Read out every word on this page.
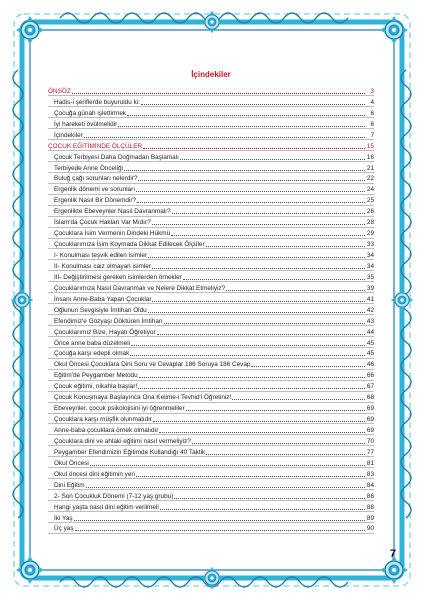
İçindekiler
ÖNSÖZ	3
Hadis-i şeriflerde buyuruldu ki:	4
Çocuğa günah işlettirmek	6
İyi hareketi övülmelidir	6
İçindekiler	7
ÇOCUK EĞİTİMİNDE ÖLÇÜLER	15
Çocuk Terbiyesi Daha Doğmadan Başlamalı	16
Terbiyede Anne Önceliği	21
Buluğ çağı sorunları nelerdir?	22
Ergenlik dönemi ve sorunları	24
Ergenlik Nasıl Bir Dönemdir?	25
Ergenlikte Ebeveynler Nasıl Davranmalı?	26
İslam'da Çocuk Hakları Var Mıdır?	28
Çocuklara İsim Vermenin Dindeki Hükmü	29
Çocuklarımıza İsim Koymada Dikkat Edilecek Ölçüler	33
I- Konulması teşvik edilen isimler	34
II- Konulması caiz olmayan isimler	34
III- Değiştirilmesi gereken isimlerden örnekler	35
Çocuklarımıza Nasıl Davranmalı ve Nelere Dikkat Etmeliyiz?	39
İnsanı Anne-Baba Yapan Çocuklar	41
Oğlunun Sevgisiyle İmtihan Oldu	42
Efendimiz'e Gözyaşı Döktüren İmtihan	43
Çocuklarımız Bize, Hayatı Öğretiyor	44
Önce anne baba düzelmeli	45
Çocuğa karşı edepli olmak	45
Okul Öncesi Çocuklara Dini Soru ve Cevaplar 186 Soruya 186 Cevap	46
Eğitim'de Peygamber Metodu	66
Çocuk eğitimi, nikahla başlar!	67
Çocuk Konuşmaya Başlayınca Ona Kelime-i Tevhid'i Öğretiniz!	68
Ebeveynler, çocuk psikolojisini iyi öğrenmeliler	69
Çocuklara karşı müşfik olunmalıdır	69
Anne-baba çocuklara örnek olmalıdır	69
Çocuklara dini ve ahlaki eğitimi nasıl vermeliyiz?	70
Peygamber Efendimizin Eğitimde Kullandığı 40 Taktik	77
Okul Öncesi	81
Okul öncesi dini eğitimin yeri	83
Dini Eğitim	84
2- Son Çocukluk Dönemi (7-12 yaş grubu)	86
Hangi yaşta nasıl dini eğitim verilmeli	88
İki Yaş	89
Üç yaş	90
7
